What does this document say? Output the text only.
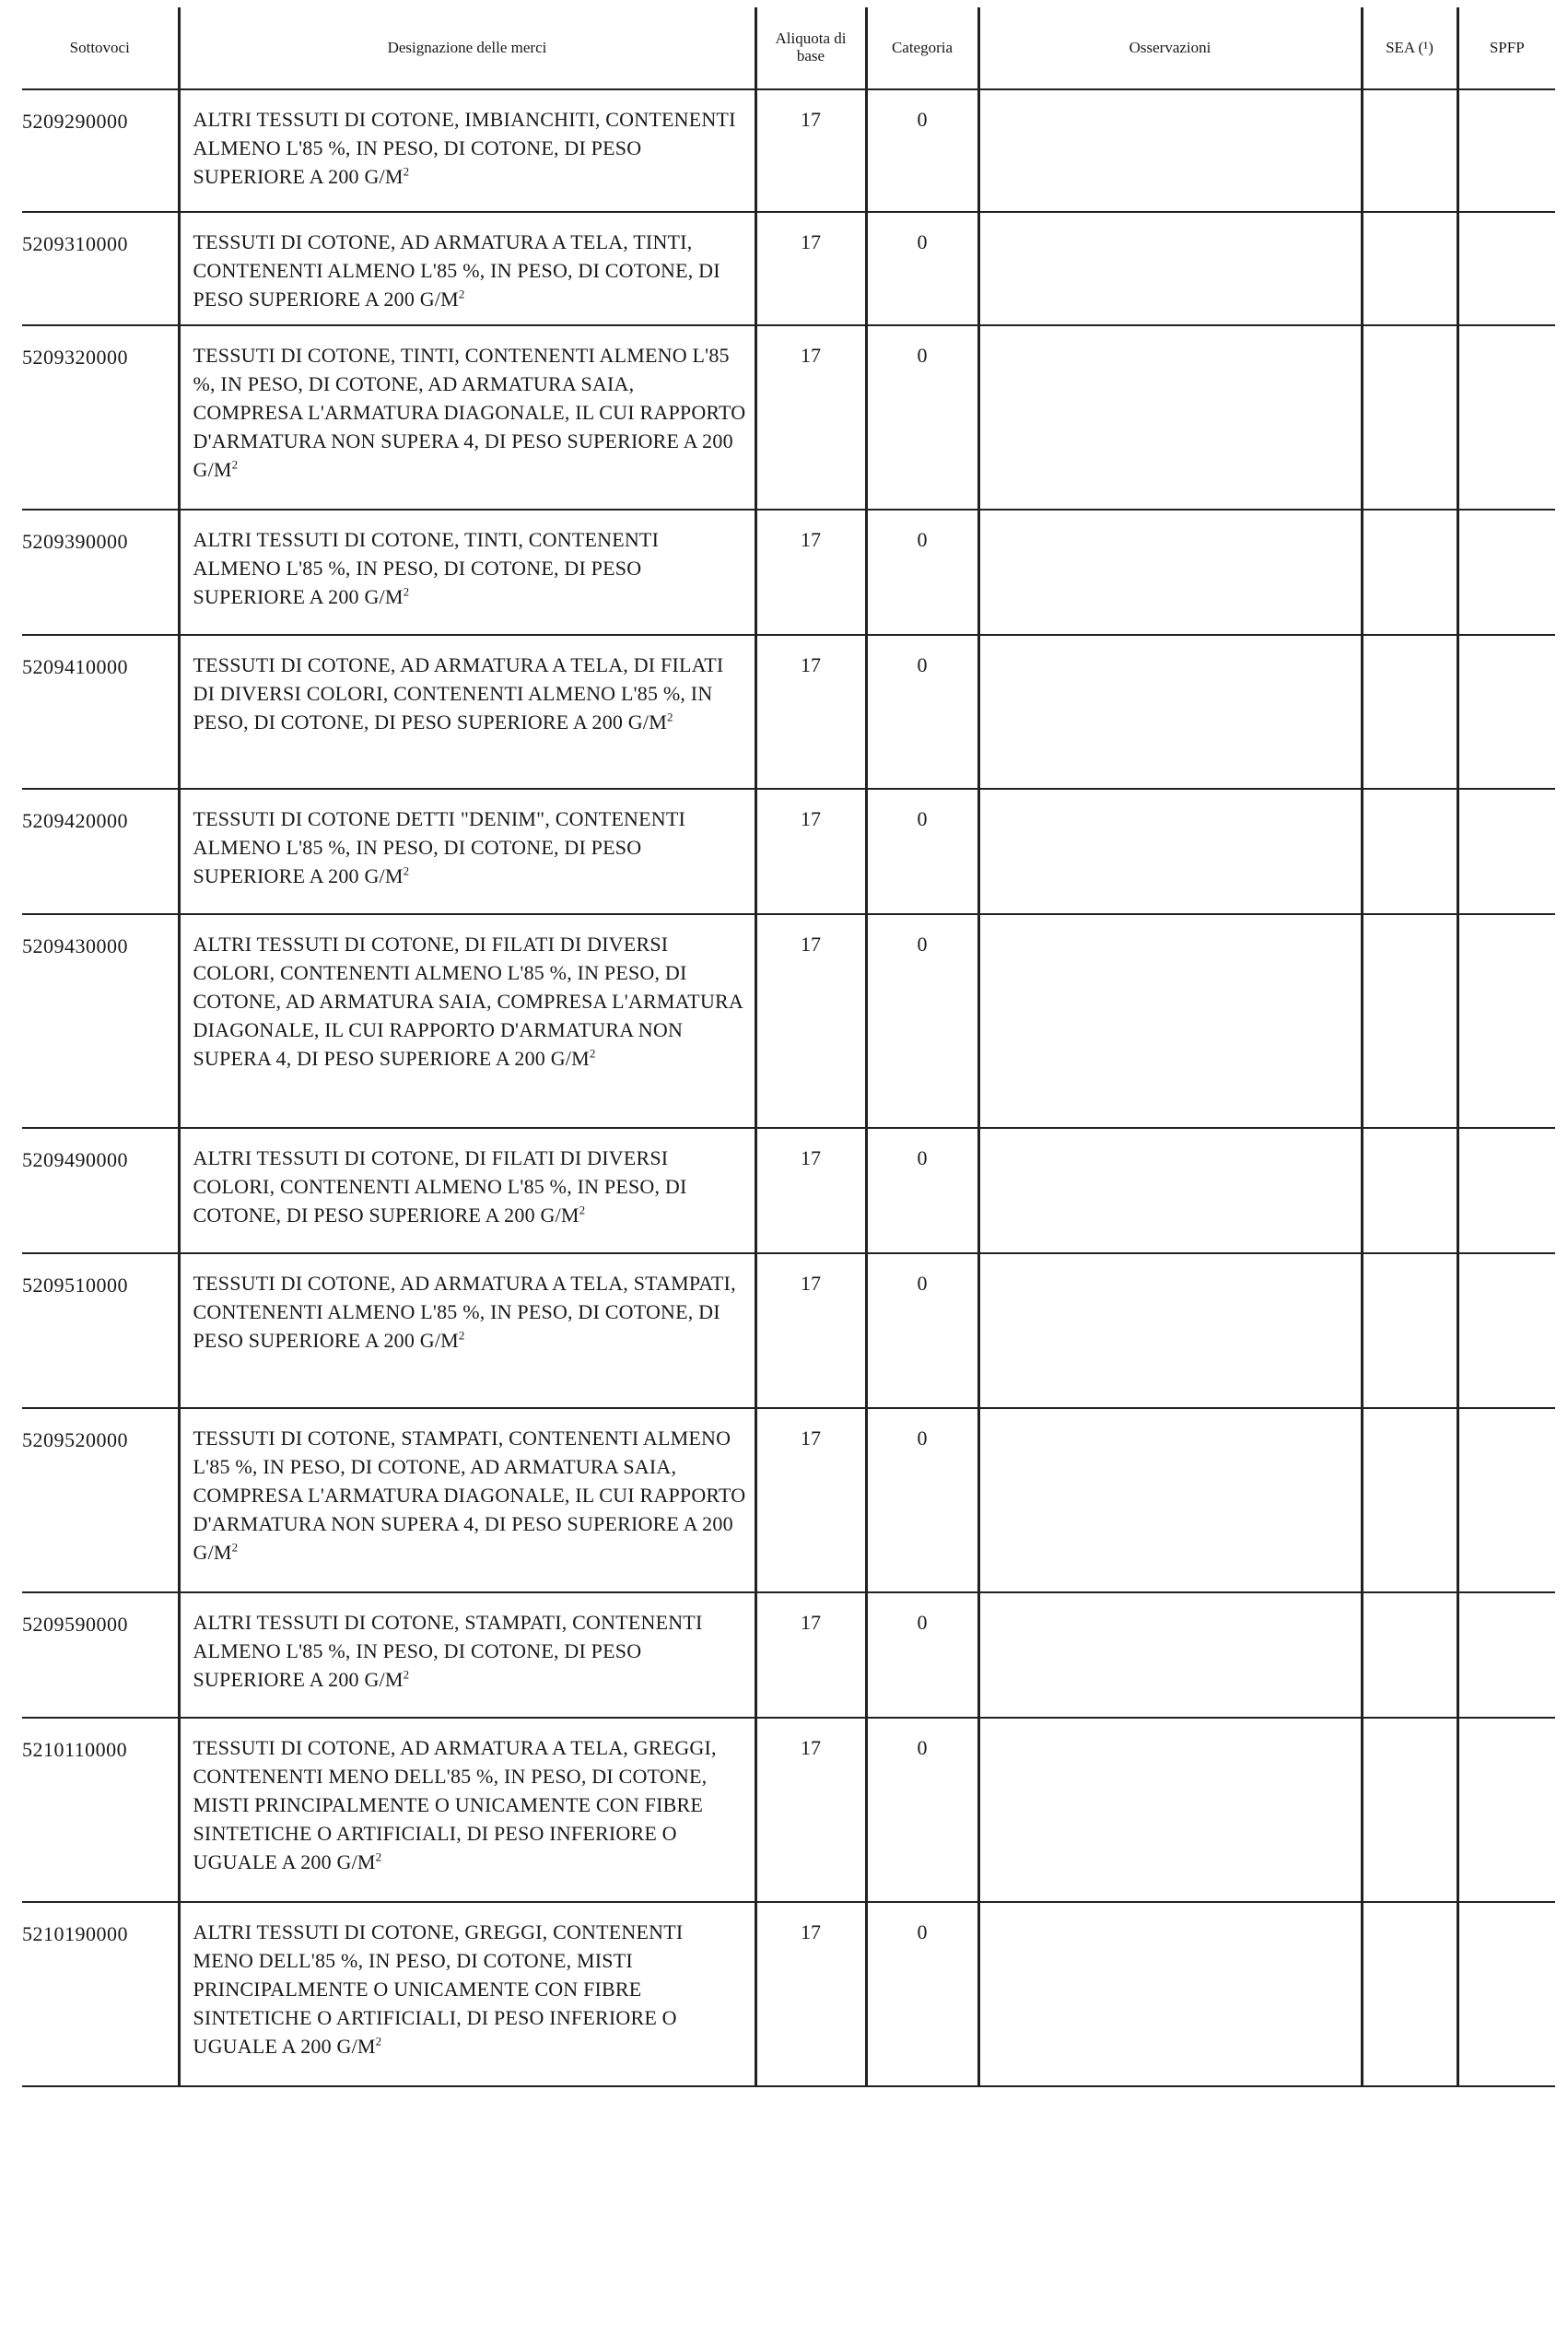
Sottovoci	Designazione delle merci	Aliquota di base	Categoria	Osservazioni	SEA (¹)	SPFP
5209290000	ALTRI TESSUTI DI COTONE, IMBIANCHITI, CONTENENTI ALMENO L'85 %, IN PESO, DI COTONE, DI PESO SUPERIORE A 200 $G/M^2$	17	0			
5209310000	TESSUTI DI COTONE, AD ARMATURA A TELA, TINTI, CONTENENTI ALMENO L'85 %, IN PESO, DI COTONE, DI PESO SUPERIORE A 200 $G/M^2$	17	0			
5209320000	TESSUTI DI COTONE, TINTI, CONTENENTI ALMENO L'85 %, IN PESO, DI COTONE, AD ARMATURA SAIA, COMPRESA L'ARMATURA DIAGONALE, IL CUI RAPPORTO D'ARMATURA NON SUPERA 4, DI PESO SUPERIORE A 200 $G/M^2$	17	0			
5209390000	ALTRI TESSUTI DI COTONE, TINTI, CONTENENTI ALMENO L'85 %, IN PESO, DI COTONE, DI PESO SUPERIORE A 200 $G/M^2$	17	0			
5209410000	TESSUTI DI COTONE, AD ARMATURA A TELA, DI FILATI DI DIVERSI COLORI, CONTENENTI ALMENO L'85 %, IN PESO, DI COTONE, DI PESO SUPERIORE A 200 $G/M^2$	17	0			
5209420000	TESSUTI DI COTONE DETTI "DENIM", CONTENENTI ALMENO L'85 %, IN PESO, DI COTONE, DI PESO SUPERIORE A 200 $G/M^2$	17	0			
5209430000	ALTRI TESSUTI DI COTONE, DI FILATI DI DIVERSI COLORI, CONTENENTI ALMENO L'85 %, IN PESO, DI COTONE, AD ARMATURA SAIA, COMPRESA L'ARMATURA DIAGONALE, IL CUI RAPPORTO D'ARMATURA NON SUPERA 4, DI PESO SUPERIORE A 200 $G/M^2$	17	0			
5209490000	ALTRI TESSUTI DI COTONE, DI FILATI DI DIVERSI COLORI, CONTENENTI ALMENO L'85 %, IN PESO, DI COTONE, DI PESO SUPERIORE A 200 $G/M^2$	17	0			
5209510000	TESSUTI DI COTONE, AD ARMATURA A TELA, STAMPATI, CONTENENTI ALMENO L'85 %, IN PESO, DI COTONE, DI PESO SUPERIORE A 200 $G/M^2$	17	0			
5209520000	TESSUTI DI COTONE, STAMPATI, CONTENENTI ALMENO L'85 %, IN PESO, DI COTONE, AD ARMATURA SAIA, COMPRESA L'ARMATURA DIAGONALE, IL CUI RAPPORTO D'ARMATURA NON SUPERA 4, DI PESO SUPERIORE A 200 $G/M^2$	17	0			
5209590000	ALTRI TESSUTI DI COTONE, STAMPATI, CONTENENTI ALMENO L'85 %, IN PESO, DI COTONE, DI PESO SUPERIORE A 200 $G/M^2$	17	0			
5210110000	TESSUTI DI COTONE, AD ARMATURA A TELA, GREGGI, CONTENENTI MENO DELL'85 %, IN PESO, DI COTONE, MISTI PRINCIPALMENTE O UNICAMENTE CON FIBRE SINTETICHE O ARTIFICIALI, DI PESO INFERIORE O UGUALE A 200 $G/M^2$	17	0			
5210190000	ALTRI TESSUTI DI COTONE, GREGGI, CONTENENTI MENO DELL'85 %, IN PESO, DI COTONE, MISTI PRINCIPALMENTE O UNICAMENTE CON FIBRE SINTETICHE O ARTIFICIALI, DI PESO INFERIORE O UGUALE A 200 $G/M^2$	17	0			
